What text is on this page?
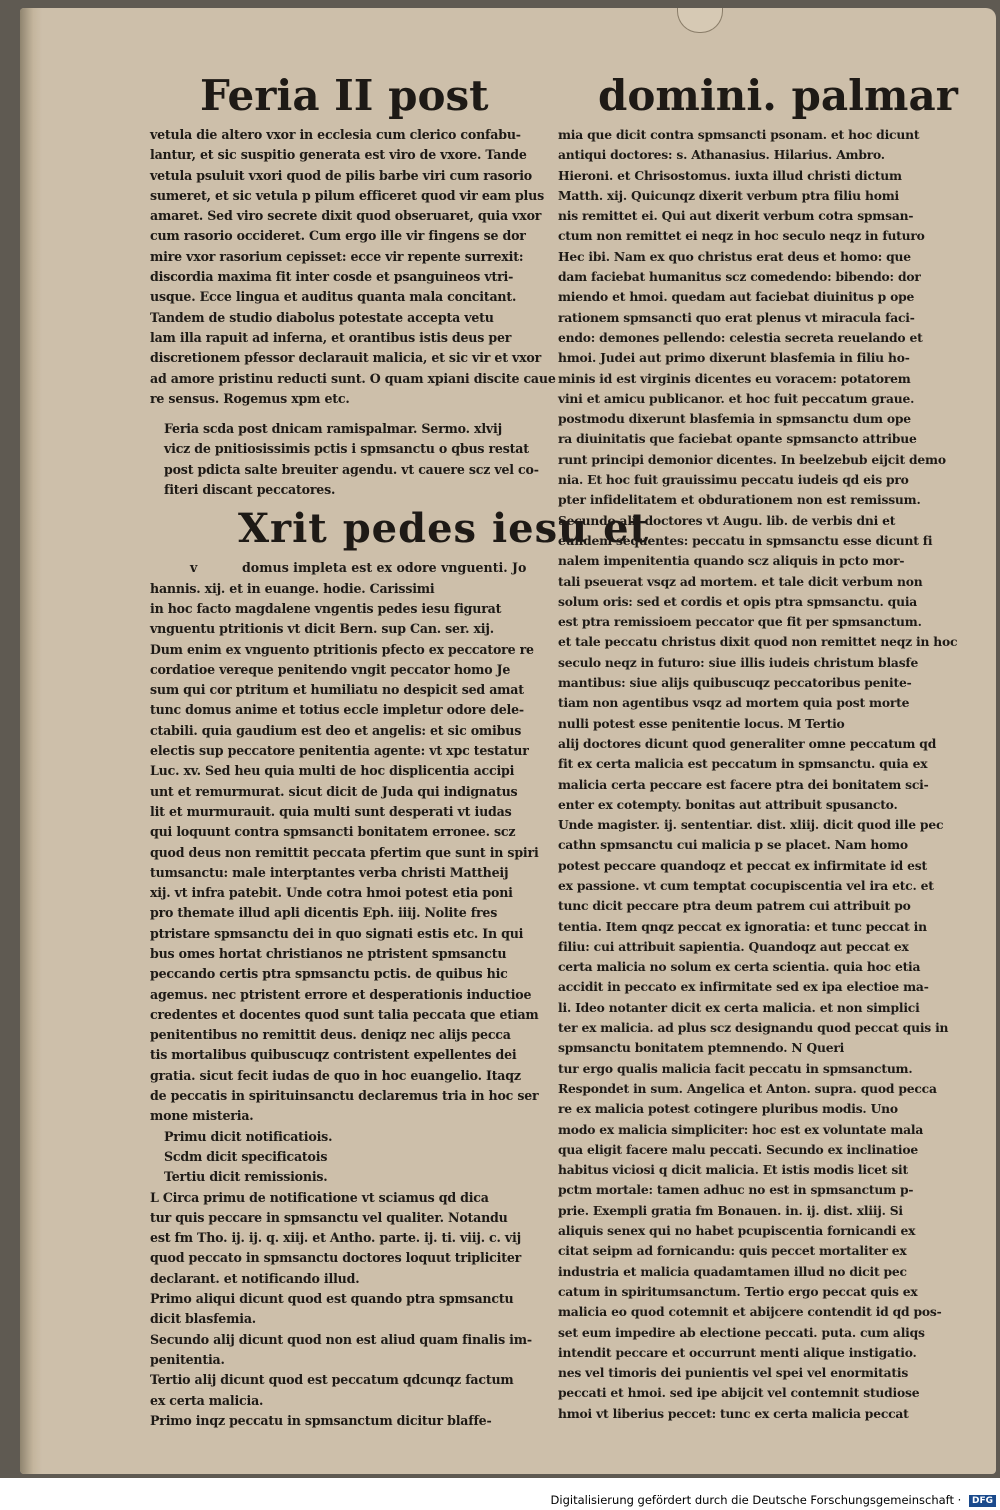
Feria II post	domini. palmar
vetula die altero vxor in ecclesia cum clerico confabu-
lantur, et sic suspitio generata est viro de vxore. Tande
vetula psuluit vxori quod de pilis barbe viri cum rasorio
sumeret, et sic vetula p pilum efficeret quod vir eam plus
amaret. Sed viro secrete dixit quod obseruaret, quia vxor
cum rasorio occideret. Cum ergo ille vir fingens se dor
mire vxor rasorium cepisset: ecce vir repente surrexit:
discordia maxima fit inter cosde et psanguineos vtri-
usque. Ecce lingua et auditus quanta mala concitant.
Tandem de studio diabolus potestate accepta vetu
lam illa rapuit ad inferna, et orantibus istis deus per
discretionem pfessor declarauit malicia, et sic vir et vxor
ad amore pristinu reducti sunt. O quam xpiani discite caue
re sensus. Rogemus xpm etc.
Feria scda post dnicam ramispalmar. Sermo. xlvij
vicz de pnitiosissimis pctis i spmsanctu o qbus restat
post pdicta salte breuiter agendu. vt cauere scz vel co-
fiteri discant peccatores.
Xrit pedes iesu et
v	domus impleta est ex odore vnguenti. Jo
hannis. xij. et in euange. hodie. Carissimi
in hoc facto magdalene vngentis pedes iesu figurat
vnguentu ptritionis vt dicit Bern. sup Can. ser. xij.
Dum enim ex vnguento ptritionis pfecto ex peccatore re
cordatioe vereque penitendo vngit peccator homo Je
sum qui cor ptritum et humiliatu no despicit sed amat
tunc domus anime et totius eccle impletur odore dele-
ctabili. quia gaudium est deo et angelis: et sic omibus
electis sup peccatore penitentia agente: vt xpc testatur
Luc. xv. Sed heu quia multi de hoc displicentia accipi
unt et remurmurat. sicut dicit de Juda qui indignatus
lit et murmurauit. quia multi sunt desperati vt iudas
qui loquunt contra spmsancti bonitatem erronee. scz
quod deus non remittit peccata pfertim que sunt in spiri
tumsanctu: male interptantes verba christi Mattheij
xij. vt infra patebit. Unde cotra hmoi potest etia poni
pro themate illud apli dicentis Eph. iiij. Nolite fres
ptristare spmsanctu dei in quo signati estis etc. In qui
bus omes hortat christianos ne ptristent spmsanctu
peccando certis ptra spmsanctu pctis. de quibus hic
agemus. nec ptristent errore et desperationis inductioe
credentes et docentes quod sunt talia peccata que etiam
penitentibus no remittit deus. deniqz nec alijs pecca
tis mortalibus quibuscuqz contristent expellentes dei
gratia. sicut fecit iudas de quo in hoc euangelio. Itaqz
de peccatis in spirituinsanctu declaremus tria in hoc ser
mone misteria.
Primu dicit notificatiois.
Scdm dicit specificatois
Tertiu dicit remissionis.
L Circa primu de notificatione vt sciamus qd dica
tur quis peccare in spmsanctu vel qualiter. Notandu
est fm Tho. ij. ij. q. xiij. et Antho. parte. ij. ti. viij. c. vij
quod peccato in spmsanctu doctores loquut tripliciter
declarant. et notificando illud.
Primo aliqui dicunt quod est quando ptra spmsanctu
dicit blasfemia.
Secundo alij dicunt quod non est aliud quam finalis im-
penitentia.
Tertio alij dicunt quod est peccatum qdcunqz factum
ex certa malicia.
Primo inqz peccatu in spmsanctum dicitur blaffe-
mia que dicit contra spmsancti psonam. et hoc dicunt
antiqui doctores: s. Athanasius. Hilarius. Ambro.
Hieroni. et Chrisostomus. iuxta illud christi dictum
Matth. xij. Quicunqz dixerit verbum ptra filiu homi
nis remittet ei. Qui aut dixerit verbum cotra spmsan-
ctum non remittet ei neqz in hoc seculo neqz in futuro
Hec ibi. Nam ex quo christus erat deus et homo: que
dam faciebat humanitus scz comedendo: bibendo: dor
miendo et hmoi. quedam aut faciebat diuinitus p ope
rationem spmsancti quo erat plenus vt miracula faci-
endo: demones pellendo: celestia secreta reuelando et
hmoi. Judei aut primo dixerunt blasfemia in filiu ho-
minis id est virginis dicentes eu voracem: potatorem
vini et amicu publicanor. et hoc fuit peccatum graue.
postmodu dixerunt blasfemia in spmsanctu dum ope
ra diuinitatis que faciebat opante spmsancto attribue
runt principi demonior dicentes. In beelzebub eijcit demo
nia. Et hoc fuit grauissimu peccatu iudeis qd eis pro
pter infidelitatem et obdurationem non est remissum.
Secundo alij doctores vt Augu. lib. de verbis dni et
eundem sequentes: peccatu in spmsanctu esse dicunt fi
nalem impenitentia quando scz aliquis in pcto mor-
tali pseuerat vsqz ad mortem. et tale dicit verbum non
solum oris: sed et cordis et opis ptra spmsanctu. quia
est ptra remissioem peccator que fit per spmsanctum.
et tale peccatu christus dixit quod non remittet neqz in hoc
seculo neqz in futuro: siue illis iudeis christum blasfe
mantibus: siue alijs quibuscuqz peccatoribus penite-
tiam non agentibus vsqz ad mortem quia post morte
nulli potest esse penitentie locus. M Tertio
alij doctores dicunt quod generaliter omne peccatum qd
fit ex certa malicia est peccatum in spmsanctu. quia ex
malicia certa peccare est facere ptra dei bonitatem sci-
enter ex cotempty. bonitas aut attribuit spusancto.
Unde magister. ij. sententiar. dist. xliij. dicit quod ille pec
cathn spmsanctu cui malicia p se placet. Nam homo
potest peccare quandoqz et peccat ex infirmitate id est
ex passione. vt cum temptat cocupiscentia vel ira etc. et
tunc dicit peccare ptra deum patrem cui attribuit po
tentia. Item qnqz peccat ex ignoratia: et tunc peccat in
filiu: cui attribuit sapientia. Quandoqz aut peccat ex
certa malicia no solum ex certa scientia. quia hoc etia
accidit in peccato ex infirmitate sed ex ipa electioe ma-
li. Ideo notanter dicit ex certa malicia. et non simplici
ter ex malicia. ad plus scz designandu quod peccat quis in
spmsanctu bonitatem ptemnendo. N Queri
tur ergo qualis malicia facit peccatu in spmsanctum.
Respondet in sum. Angelica et Anton. supra. quod pecca
re ex malicia potest cotingere pluribus modis. Uno
modo ex malicia simpliciter: hoc est ex voluntate mala
qua eligit facere malu peccati. Secundo ex inclinatioe
habitus viciosi q dicit malicia. Et istis modis licet sit
pctm mortale: tamen adhuc no est in spmsanctum p-
prie. Exempli gratia fm Bonauen. in. ij. dist. xliij. Si
aliquis senex qui no habet pcupiscentia fornicandi ex
citat seipm ad fornicandu: quis peccet mortaliter ex
industria et malicia quadamtamen illud no dicit pec
catum in spiritumsanctum. Tertio ergo peccat quis ex
malicia eo quod cotemnit et abijcere contendit id qd pos-
set eum impedire ab electione peccati. puta. cum aliqs
intendit peccare et occurrunt menti alique instigatio.
nes vel timoris dei punientis vel spei vel enormitatis
peccati et hmoi. sed ipe abijcit vel contemnit studiose
hmoi vt liberius peccet: tunc ex certa malicia peccat
Digitalisierung gefördert durch die Deutsche Forschungsgemeinschaft · DFG
